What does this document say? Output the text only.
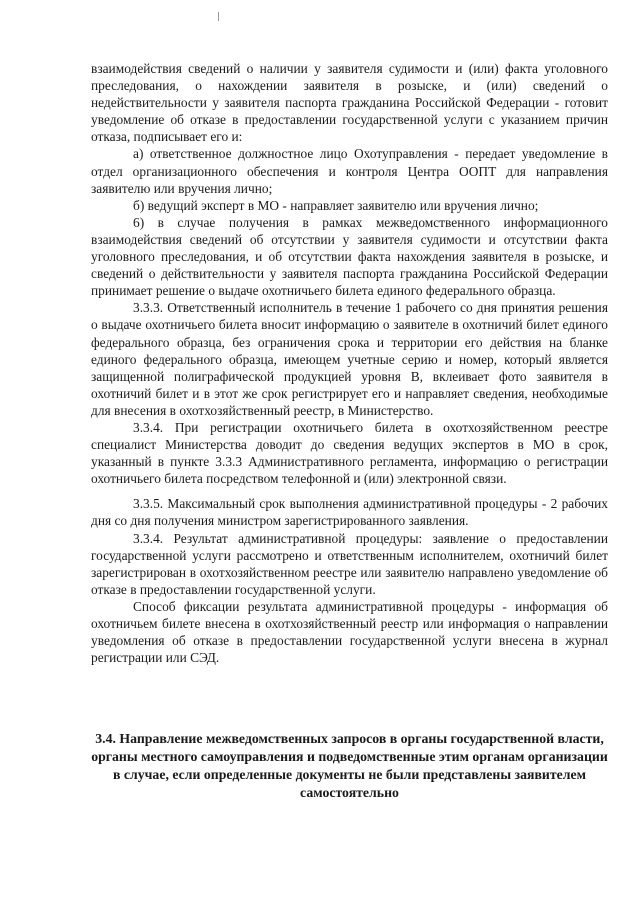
взаимодействия сведений о наличии у заявителя судимости и (или) факта уголовного преследования, о нахождении заявителя в розыске, и (или) сведений о недействительности у заявителя паспорта гражданина Российской Федерации - готовит уведомление об отказе в предоставлении государственной услуги с указанием причин отказа, подписывает его и:

а) ответственное должностное лицо Охотуправления - передает уведомление в отдел организационного обеспечения и контроля Центра ООПТ для направления заявителю или вручения лично;

б) ведущий эксперт в МО - направляет заявителю или вручения лично;

6) в случае получения в рамках межведомственного информационного взаимодействия сведений об отсутствии у заявителя судимости и отсутствии факта уголовного преследования, и об отсутствии факта нахождения заявителя в розыске, и сведений о действительности у заявителя паспорта гражданина Российской Федерации принимает решение о выдаче охотничьего билета единого федерального образца.

3.3.3. Ответственный исполнитель в течение 1 рабочего со дня принятия решения о выдаче охотничьего билета вносит информацию о заявителе в охотничий билет единого федерального образца, без ограничения срока и территории его действия на бланке единого федерального образца, имеющем учетные серию и номер, который является защищенной полиграфической продукцией уровня В, вклеивает фото заявителя в охотничий билет и в этот же срок регистрирует его и направляет сведения, необходимые для внесения в охотхозяйственный реестр, в Министерство.

3.3.4. При регистрации охотничьего билета в охотхозяйственном реестре специалист Министерства доводит до сведения ведущих экспертов в МО в срок, указанный в пункте 3.3.3 Административного регламента, информацию о регистрации охотничьего билета посредством телефонной и (или) электронной связи.

3.3.5. Максимальный срок выполнения административной процедуры - 2 рабочих дня со дня получения министром зарегистрированного заявления.

3.3.4. Результат административной процедуры: заявление о предоставлении государственной услуги рассмотрено и ответственным исполнителем, охотничий билет зарегистрирован в охотхозяйственном реестре или заявителю направлено уведомление об отказе в предоставлении государственной услуги.

Способ фиксации результата административной процедуры - информация об охотничьем билете внесена в охотхозяйственный реестр или информация о направлении уведомления об отказе в предоставлении государственной услуги внесена в журнал регистрации или СЭД.

3.4. Направление межведомственных запросов в органы государственной власти, органы местного самоуправления и подведомственные этим органам организации в случае, если определенные документы не были представлены заявителем самостоятельно
